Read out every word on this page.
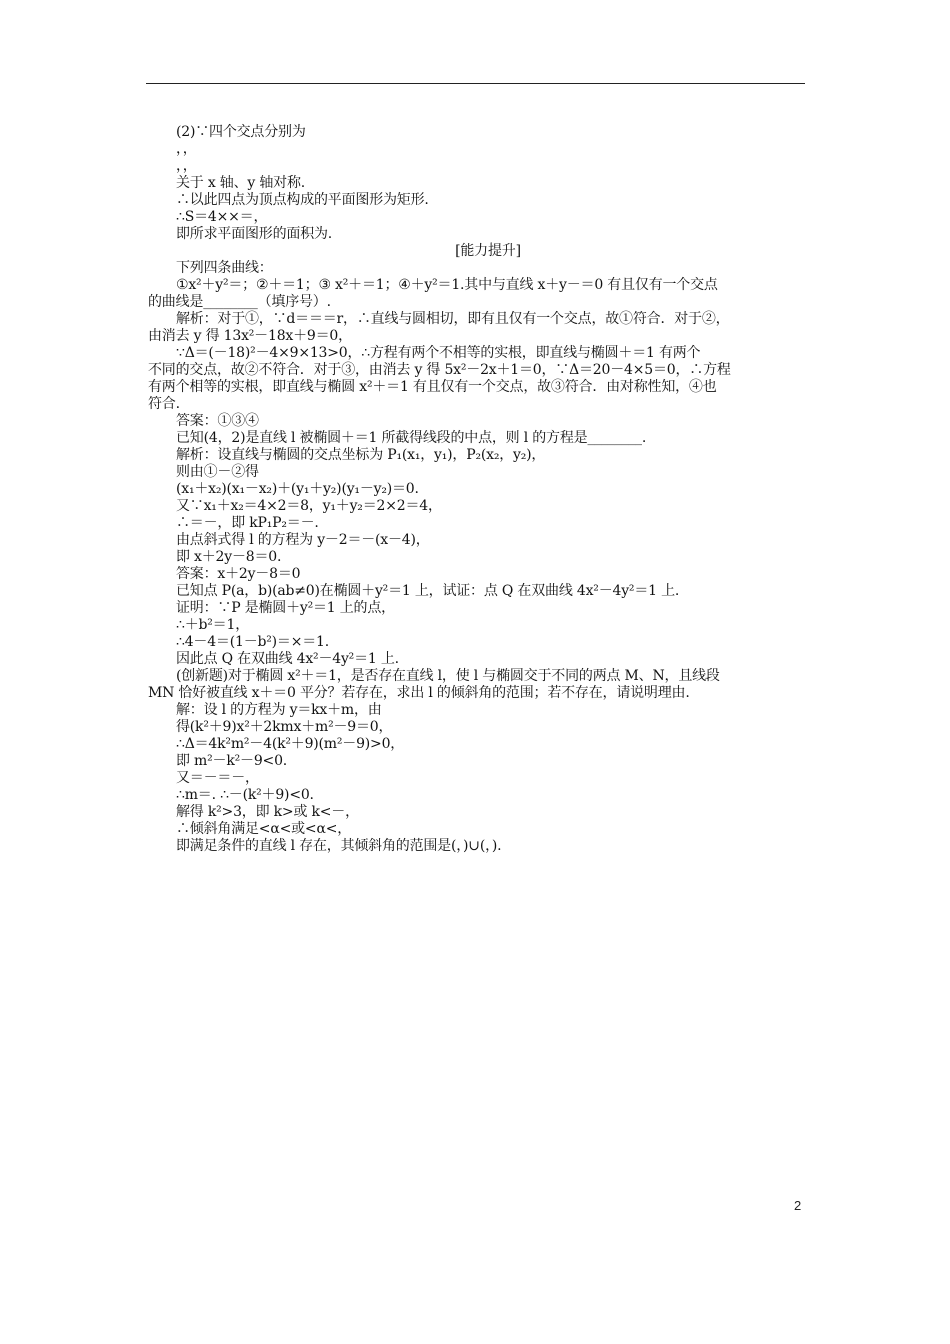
(2)∵四个交点分别为
，，
，，
关于 x 轴、y 轴对称.
∴以此四点为顶点构成的平面图形为矩形.
∴S＝4××＝，
即所求平面图形的面积为.
[能力提升]
下列四条曲线：
①x²＋y²＝；②＋＝1；③ x²＋＝1；④＋y²＝1.其中与直线 x＋y－＝0 有且仅有一个交点
的曲线是________（填序号）.
解析：对于①，∵d＝＝＝r，∴直线与圆相切，即有且仅有一个交点，故①符合．对于②，
由消去 y 得 13x²－18x＋9＝0，
∵Δ＝(－18)²－4×9×13>0，∴方程有两个不相等的实根，即直线与椭圆＋＝1 有两个
不同的交点，故②不符合．对于③，由消去 y 得 5x²－2x＋1＝0，∵Δ＝20－4×5＝0，∴方程
有两个相等的实根，即直线与椭圆 x²＋＝1 有且仅有一个交点，故③符合．由对称性知，④也
符合.
答案：①③④
已知(4，2)是直线 l 被椭圆＋＝1 所截得线段的中点，则 l 的方程是________.
解析：设直线与椭圆的交点坐标为 P₁(x₁，y₁)，P₂(x₂，y₂)，
则由①－②得
(x₁＋x₂)(x₁－x₂)＋(y₁＋y₂)(y₁－y₂)＝0.
又∵x₁＋x₂＝4×2＝8，y₁＋y₂＝2×2＝4，
∴＝－，即 kP₁P₂＝－.
由点斜式得 l 的方程为 y－2＝－(x－4)，
即 x＋2y－8＝0.
答案：x＋2y－8＝0
已知点 P(a，b)(ab≠0)在椭圆＋y²＝1 上，试证：点 Q 在双曲线 4x²－4y²＝1 上.
证明：∵P 是椭圆＋y²＝1 上的点，
∴＋b²＝1，
∴4－4＝(1－b²)＝×＝1.
因此点 Q 在双曲线 4x²－4y²＝1 上.
(创新题)对于椭圆 x²＋＝1，是否存在直线 l，使 l 与椭圆交于不同的两点 M、N，且线段
MN 恰好被直线 x＋＝0 平分？若存在，求出 l 的倾斜角的范围；若不存在，请说明理由.
解：设 l 的方程为 y＝kx＋m，由
得(k²＋9)x²＋2kmx＋m²－9＝0，
∴Δ＝4k²m²－4(k²＋9)(m²－9)>0，
即 m²－k²－9<0.
又＝－＝－，
∴m＝. ∴－(k²＋9)<0.
解得 k²>3，即 k>或 k<－，
∴倾斜角满足<α<或<α<，
即满足条件的直线 l 存在，其倾斜角的范围是(，)∪(，).
2
